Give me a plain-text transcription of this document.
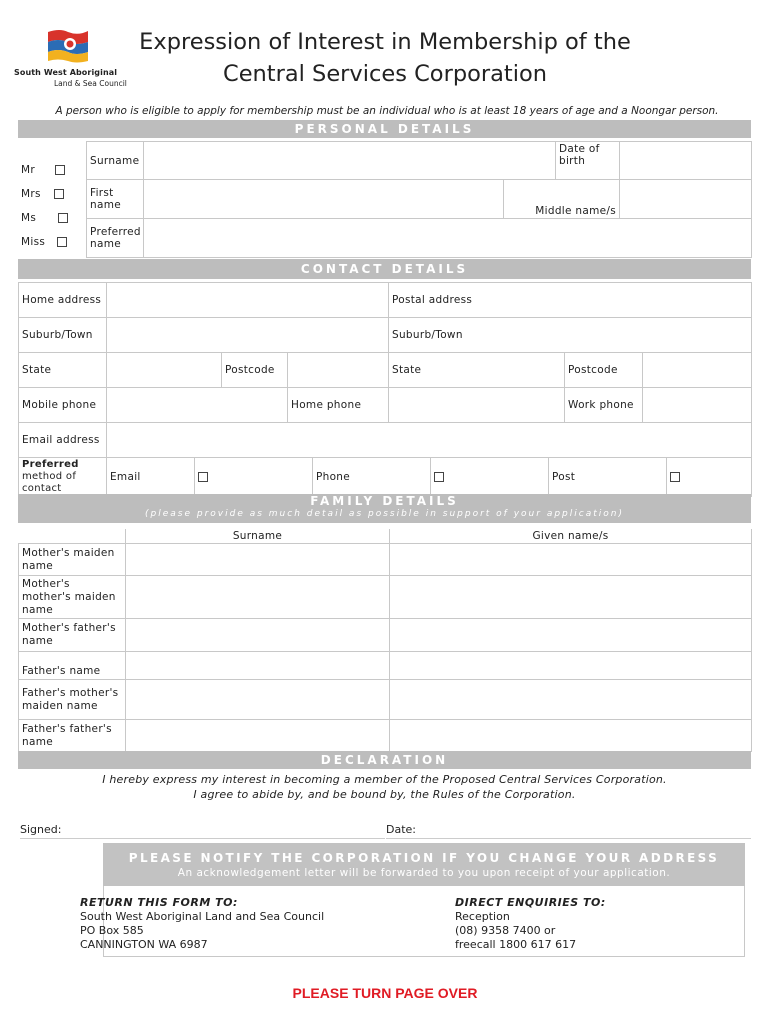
South West Aboriginal
Land & Sea Council
Expression of Interest in Membership of the
Central Services Corporation
A person who is eligible to apply for membership must be an individual who is at least 18 years of age and a Noongar person.
PERSONAL DETAILS
Mr
Mrs
Ms
Miss
Surname			Date of birth	
First name		Middle name/s		
Preferred name				
CONTACT DETAILS
Home address				Postal address		
Suburb/Town				Suburb/Town		
State		Postcode		State	Postcode	
Mobile phone			Home phone		Work phone	
Email address						
Preferred
method of contact	Email		Phone		Post	
FAMILY DETAILS
(please provide as much detail as possible in support of your application)
	Surname	Given name/s
Mother's maiden name		
Mother's mother's maiden name		
Mother's father's name		
Father's name		
Father's mother's maiden name		
Father's father's name		
DECLARATION
I hereby express my interest in becoming a member of the Proposed Central Services Corporation.
I agree to abide by, and be bound by, the Rules of the Corporation.
Signed:	Date:
PLEASE NOTIFY THE CORPORATION IF YOU CHANGE YOUR ADDRESS
An acknowledgement letter will be forwarded to you upon receipt of your application.
RETURN THIS FORM TO:
South West Aboriginal Land and Sea Council
PO Box 585
CANNINGTON WA 6987
DIRECT ENQUIRIES TO:
Reception
(08) 9358 7400 or
freecall 1800 617 617
PLEASE TURN PAGE OVER
